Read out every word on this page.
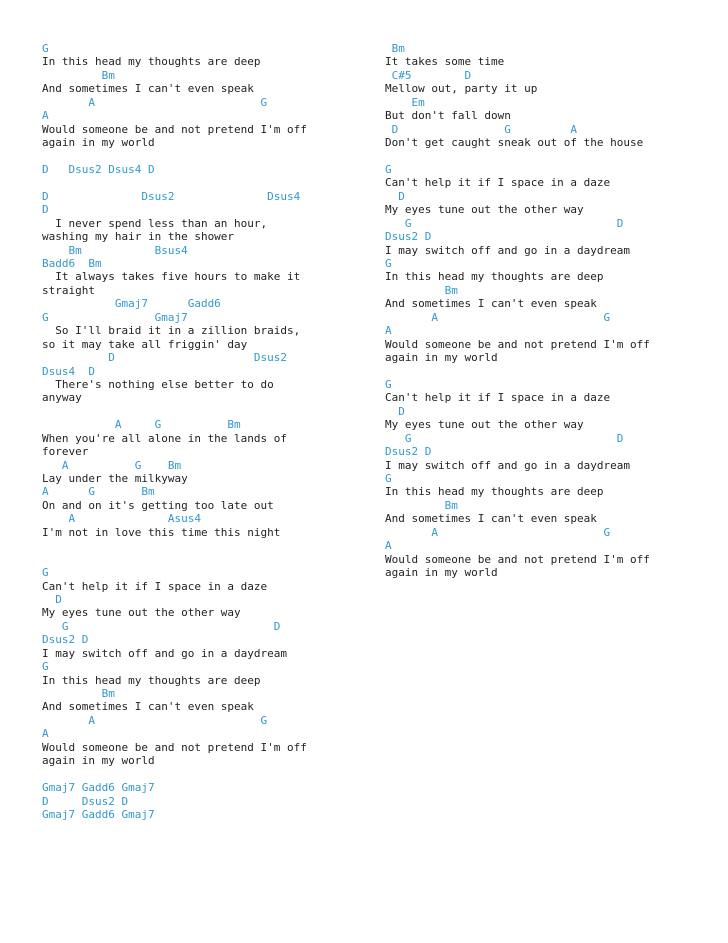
G
In this head my thoughts are deep
Bm
And sometimes I can't even speak
A                         G
A
Would someone be and not pretend I'm off
again in my world
D   Dsus2 Dsus4 D
D              Dsus2              Dsus4
D
I never spend less than an hour,
washing my hair in the shower
Bm           Bsus4
Badd6  Bm
It always takes five hours to make it
straight
Gmaj7      Gadd6
G                Gmaj7
So I'll braid it in a zillion braids,
so it may take all friggin' day
D                     Dsus2
Dsus4  D
There's nothing else better to do
anyway
A     G          Bm
When you're all alone in the lands of
forever
A          G    Bm
Lay under the milkyway
A      G       Bm
On and on it's getting too late out
A              Asus4
I'm not in love this time this night
G
Can't help it if I space in a daze
D
My eyes tune out the other way
G                               D
Dsus2 D
I may switch off and go in a daydream
G
In this head my thoughts are deep
Bm
And sometimes I can't even speak
A                         G
A
Would someone be and not pretend I'm off
again in my world
Gmaj7 Gadd6 Gmaj7
D     Dsus2 D
Gmaj7 Gadd6 Gmaj7
Bm
It takes some time
C#5        D
Mellow out, party it up
Em
But don't fall down
D                G         A
Don't get caught sneak out of the house
G
Can't help it if I space in a daze
D
My eyes tune out the other way
G                               D
Dsus2 D
I may switch off and go in a daydream
G
In this head my thoughts are deep
Bm
And sometimes I can't even speak
A                         G
A
Would someone be and not pretend I'm off
again in my world
G
Can't help it if I space in a daze
D
My eyes tune out the other way
G                               D
Dsus2 D
I may switch off and go in a daydream
G
In this head my thoughts are deep
Bm
And sometimes I can't even speak
A                         G
A
Would someone be and not pretend I'm off
again in my world
